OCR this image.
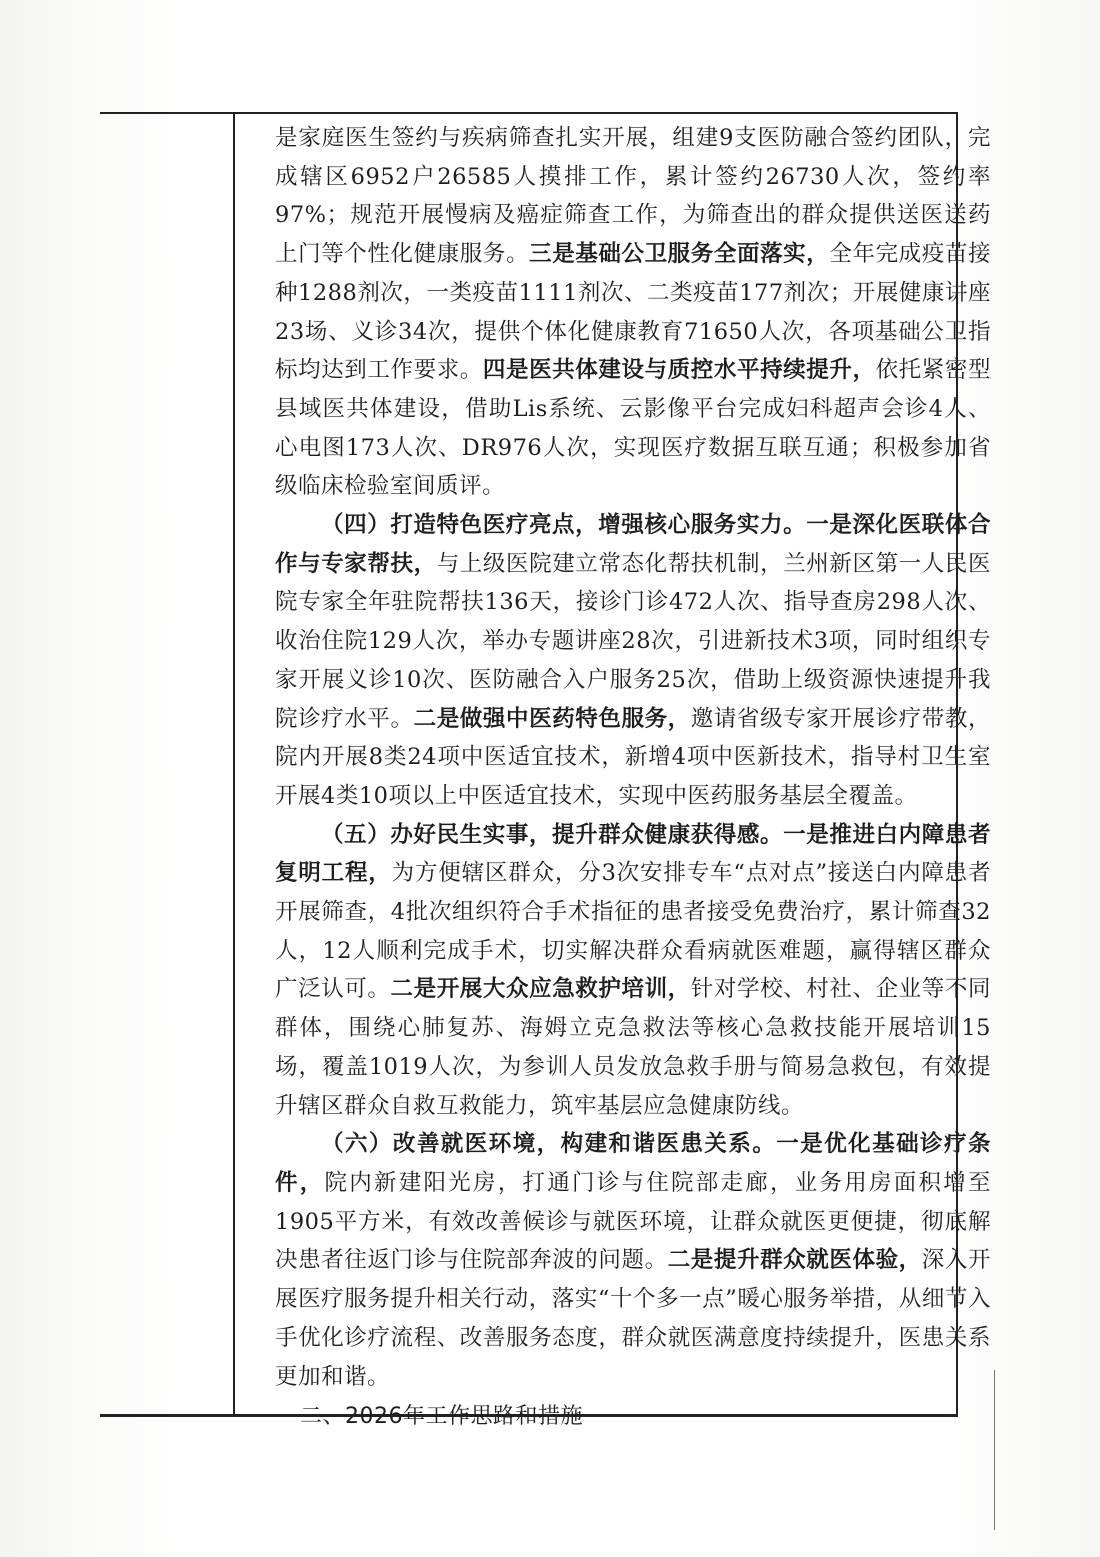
是家庭医生签约与疾病筛查扎实开展，组建9支医防融合签约团队，完成辖区6952户26585人摸排工作，累计签约26730人次，签约率97%；规范开展慢病及癌症筛查工作，为筛查出的群众提供送医送药上门等个性化健康服务。三是基础公卫服务全面落实，全年完成疫苗接种1288剂次，一类疫苗1111剂次、二类疫苗177剂次；开展健康讲座23场、义诊34次，提供个体化健康教育71650人次，各项基础公卫指标均达到工作要求。四是医共体建设与质控水平持续提升，依托紧密型县域医共体建设，借助Lis系统、云影像平台完成妇科超声会诊4人、心电图173人次、DR976人次，实现医疗数据互联互通；积极参加省级临床检验室间质评。

（四）打造特色医疗亮点，增强核心服务实力。一是深化医联体合作与专家帮扶，与上级医院建立常态化帮扶机制，兰州新区第一人民医院专家全年驻院帮扶136天，接诊门诊472人次、指导查房298人次、收治住院129人次，举办专题讲座28次，引进新技术3项，同时组织专家开展义诊10次、医防融合入户服务25次，借助上级资源快速提升我院诊疗水平。二是做强中医药特色服务，邀请省级专家开展诊疗带教，院内开展8类24项中医适宜技术，新增4项中医新技术，指导村卫生室开展4类10项以上中医适宜技术，实现中医药服务基层全覆盖。

（五）办好民生实事，提升群众健康获得感。一是推进白内障患者复明工程，为方便辖区群众，分3次安排专车“点对点”接送白内障患者开展筛查，4批次组织符合手术指征的患者接受免费治疗，累计筛查32人，12人顺利完成手术，切实解决群众看病就医难题，赢得辖区群众广泛认可。二是开展大众应急救护培训，针对学校、村社、企业等不同群体，围绕心肺复苏、海姆立克急救法等核心急救技能开展培训15场，覆盖1019人次，为参训人员发放急救手册与简易急救包，有效提升辖区群众自救互救能力，筑牢基层应急健康防线。

（六）改善就医环境，构建和谐医患关系。一是优化基础诊疗条件，院内新建阳光房，打通门诊与住院部走廊，业务用房面积增至1905平方米，有效改善候诊与就医环境，让群众就医更便捷，彻底解决患者往返门诊与住院部奔波的问题。二是提升群众就医体验，深入开展医疗服务提升相关行动，落实“十个多一点”暖心服务举措，从细节入手优化诊疗流程、改善服务态度，群众就医满意度持续提升，医患关系更加和谐。

二、2026年工作思路和措施
